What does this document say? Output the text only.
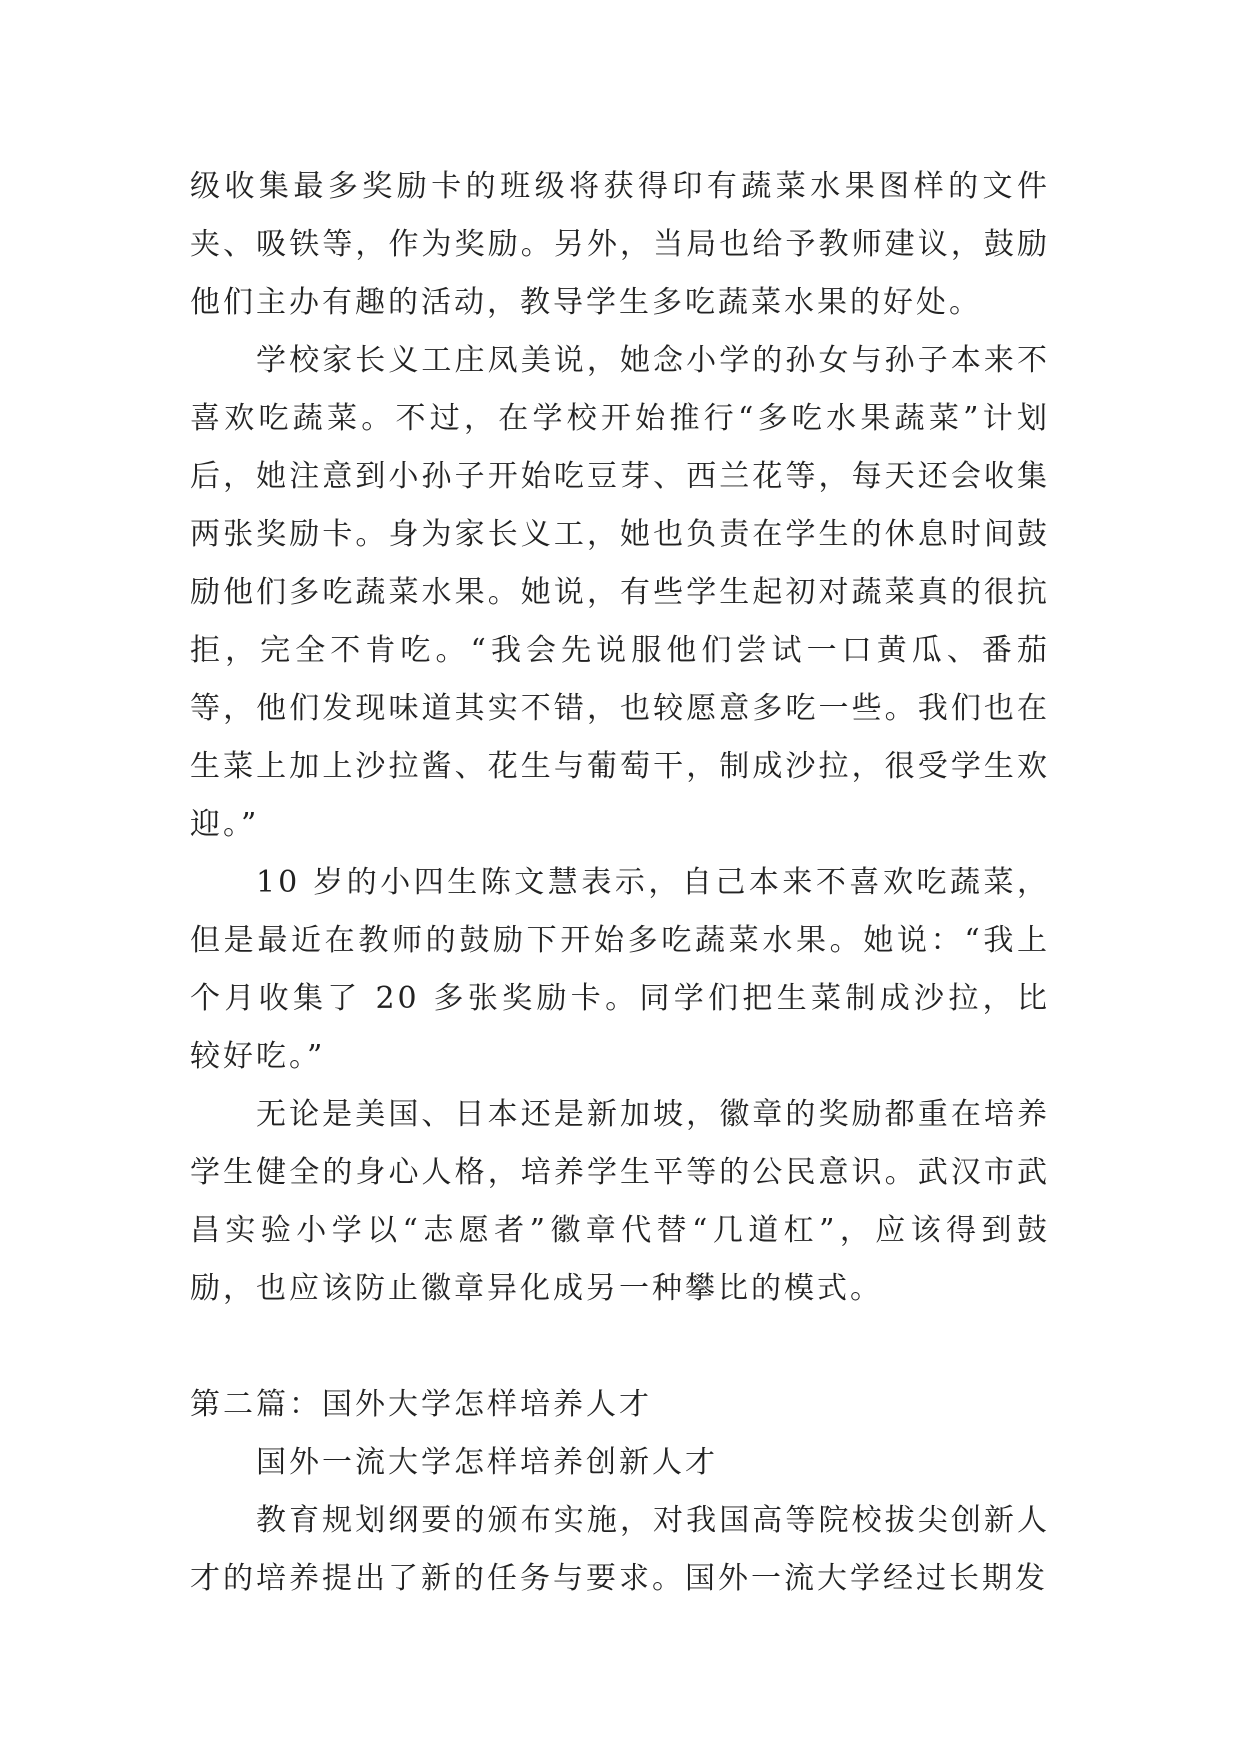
级收集最多奖励卡的班级将获得印有蔬菜水果图样的文件夹、吸铁等，作为奖励。另外，当局也给予教师建议，鼓励他们主办有趣的活动，教导学生多吃蔬菜水果的好处。

学校家长义工庄凤美说，她念小学的孙女与孙子本来不喜欢吃蔬菜。不过，在学校开始推行“多吃水果蔬菜”计划后，她注意到小孙子开始吃豆芽、西兰花等，每天还会收集两张奖励卡。身为家长义工，她也负责在学生的休息时间鼓励他们多吃蔬菜水果。她说，有些学生起初对蔬菜真的很抗拒，完全不肯吃。“我会先说服他们尝试一口黄瓜、番茄等，他们发现味道其实不错，也较愿意多吃一些。我们也在生菜上加上沙拉酱、花生与葡萄干，制成沙拉，很受学生欢迎。”

10 岁的小四生陈文慧表示，自己本来不喜欢吃蔬菜，但是最近在教师的鼓励下开始多吃蔬菜水果。她说：“我上个月收集了 20 多张奖励卡。同学们把生菜制成沙拉，比较好吃。”

无论是美国、日本还是新加坡，徽章的奖励都重在培养学生健全的身心人格，培养学生平等的公民意识。武汉市武昌实验小学以“志愿者”徽章代替“几道杠”，应该得到鼓励，也应该防止徽章异化成另一种攀比的模式。

第二篇：国外大学怎样培养人才

国外一流大学怎样培养创新人才

教育规划纲要的颁布实施，对我国高等院校拔尖创新人才的培养提出了新的任务与要求。国外一流大学经过长期发
